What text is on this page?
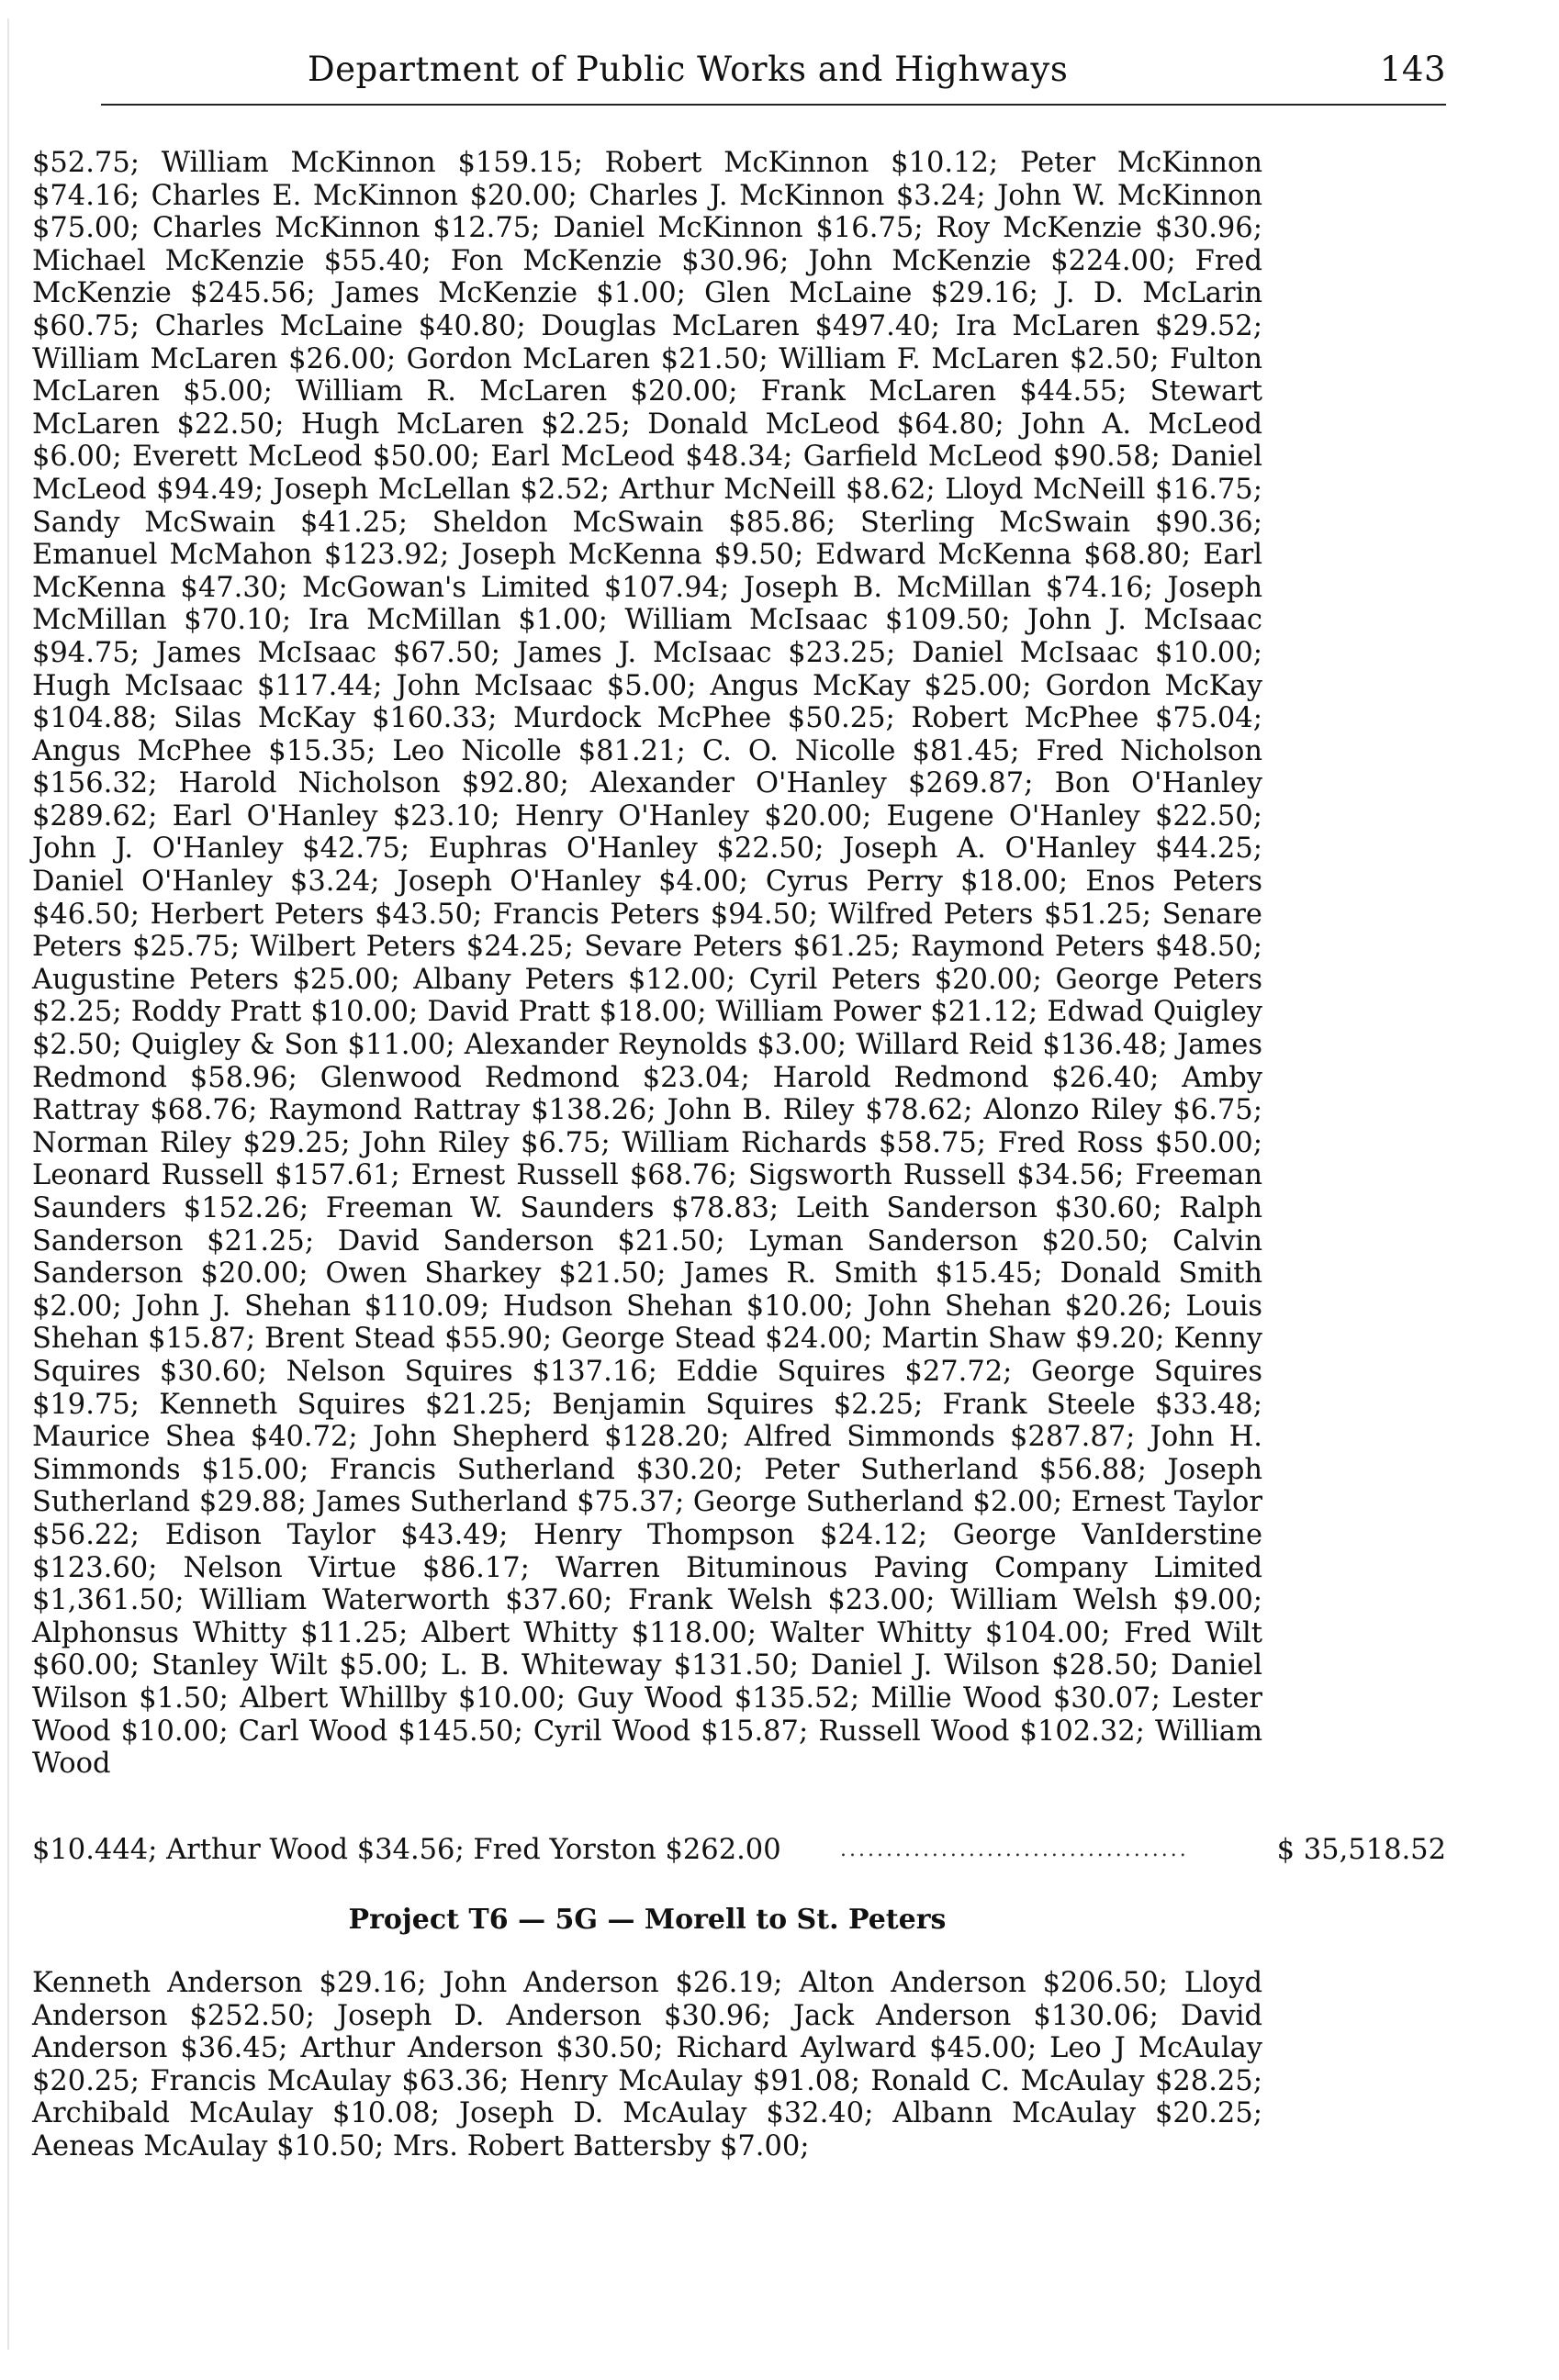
Department of Public Works and Highways	143
$52.75; William McKinnon $159.15; Robert McKinnon $10.12; Peter McKinnon $74.16; Charles E. McKinnon $20.00; Charles J. McKinnon $3.24; John W. McKinnon $75.00; Charles McKinnon $12.75; Daniel McKinnon $16.75; Roy McKenzie $30.96; Michael McKenzie $55.40; Fon McKenzie $30.96; John McKenzie $224.00; Fred McKenzie $245.56; James McKenzie $1.00; Glen McLaine $29.16; J. D. McLarin $60.75; Charles McLaine $40.80; Douglas McLaren $497.40; Ira McLaren $29.52; William McLaren $26.00; Gordon McLaren $21.50; William F. McLaren $2.50; Fulton McLaren $5.00; William R. McLaren $20.00; Frank McLaren $44.55; Stewart McLaren $22.50; Hugh McLaren $2.25; Donald McLeod $64.80; John A. McLeod $6.00; Everett McLeod $50.00; Earl McLeod $48.34; Garfield McLeod $90.58; Daniel McLeod $94.49; Joseph McLellan $2.52; Arthur McNeill $8.62; Lloyd McNeill $16.75; Sandy McSwain $41.25; Sheldon McSwain $85.86; Sterling McSwain $90.36; Emanuel McMahon $123.92; Joseph McKenna $9.50; Edward McKenna $68.80; Earl McKenna $47.30; McGowan's Limited $107.94; Joseph B. McMillan $74.16; Joseph McMillan $70.10; Ira McMillan $1.00; William McIsaac $109.50; John J. McIsaac $94.75; James McIsaac $67.50; James J. McIsaac $23.25; Daniel McIsaac $10.00; Hugh McIsaac $117.44; John McIsaac $5.00; Angus McKay $25.00; Gordon McKay $104.88; Silas McKay $160.33; Murdock McPhee $50.25; Robert McPhee $75.04; Angus McPhee $15.35; Leo Nicolle $81.21; C. O. Nicolle $81.45; Fred Nicholson $156.32; Harold Nicholson $92.80; Alexander O'Hanley $269.87; Bon O'Hanley $289.62; Earl O'Hanley $23.10; Henry O'Hanley $20.00; Eugene O'Hanley $22.50; John J. O'Hanley $42.75; Euphras O'Hanley $22.50; Joseph A. O'Hanley $44.25; Daniel O'Hanley $3.24; Joseph O'Hanley $4.00; Cyrus Perry $18.00; Enos Peters $46.50; Herbert Peters $43.50; Francis Peters $94.50; Wilfred Peters $51.25; Senare Peters $25.75; Wilbert Peters $24.25; Sevare Peters $61.25; Raymond Peters $48.50; Augustine Peters $25.00; Albany Peters $12.00; Cyril Peters $20.00; George Peters $2.25; Roddy Pratt $10.00; David Pratt $18.00; William Power $21.12; Edwad Quigley $2.50; Quigley & Son $11.00; Alexander Reynolds $3.00; Willard Reid $136.48; James Redmond $58.96; Glenwood Redmond $23.04; Harold Redmond $26.40; Amby Rattray $68.76; Raymond Rattray $138.26; John B. Riley $78.62; Alonzo Riley $6.75; Norman Riley $29.25; John Riley $6.75; William Richards $58.75; Fred Ross $50.00; Leonard Russell $157.61; Ernest Russell $68.76; Sigsworth Russell $34.56; Freeman Saunders $152.26; Freeman W. Saunders $78.83; Leith Sanderson $30.60; Ralph Sanderson $21.25; David Sanderson $21.50; Lyman Sanderson $20.50; Calvin Sanderson $20.00; Owen Sharkey $21.50; James R. Smith $15.45; Donald Smith $2.00; John J. Shehan $110.09; Hudson Shehan $10.00; John Shehan $20.26; Louis Shehan $15.87; Brent Stead $55.90; George Stead $24.00; Martin Shaw $9.20; Kenny Squires $30.60; Nelson Squires $137.16; Eddie Squires $27.72; George Squires $19.75; Kenneth Squires $21.25; Benjamin Squires $2.25; Frank Steele $33.48; Maurice Shea $40.72; John Shepherd $128.20; Alfred Simmonds $287.87; John H. Simmonds $15.00; Francis Sutherland $30.20; Peter Sutherland $56.88; Joseph Sutherland $29.88; James Sutherland $75.37; George Sutherland $2.00; Ernest Taylor $56.22; Edison Taylor $43.49; Henry Thompson $24.12; George VanIderstine $123.60; Nelson Virtue $86.17; Warren Bituminous Paving Company Limited $1,361.50; William Waterworth $37.60; Frank Welsh $23.00; William Welsh $9.00; Alphonsus Whitty $11.25; Albert Whitty $118.00; Walter Whitty $104.00; Fred Wilt $60.00; Stanley Wilt $5.00; L. B. Whiteway $131.50; Daniel J. Wilson $28.50; Daniel Wilson $1.50; Albert Whillby $10.00; Guy Wood $135.52; Millie Wood $30.07; Lester Wood $10.00; Carl Wood $145.50; Cyril Wood $15.87; Russell Wood $102.32; William Wood
......................................
$10.444; Arthur Wood $34.56; Fred Yorston $262.00	$ 35,518.52
Project T6 — 5G — Morell to St. Peters
Kenneth Anderson $29.16; John Anderson $26.19; Alton Anderson $206.50; Lloyd Anderson $252.50; Joseph D. Anderson $30.96; Jack Anderson $130.06; David Anderson $36.45; Arthur Anderson $30.50; Richard Aylward $45.00; Leo J McAulay $20.25; Francis McAulay $63.36; Henry McAulay $91.08; Ronald C. McAulay $28.25; Archibald McAulay $10.08; Joseph D. McAulay $32.40; Albann McAulay $20.25; Aeneas McAulay $10.50; Mrs. Robert Battersby $7.00;
